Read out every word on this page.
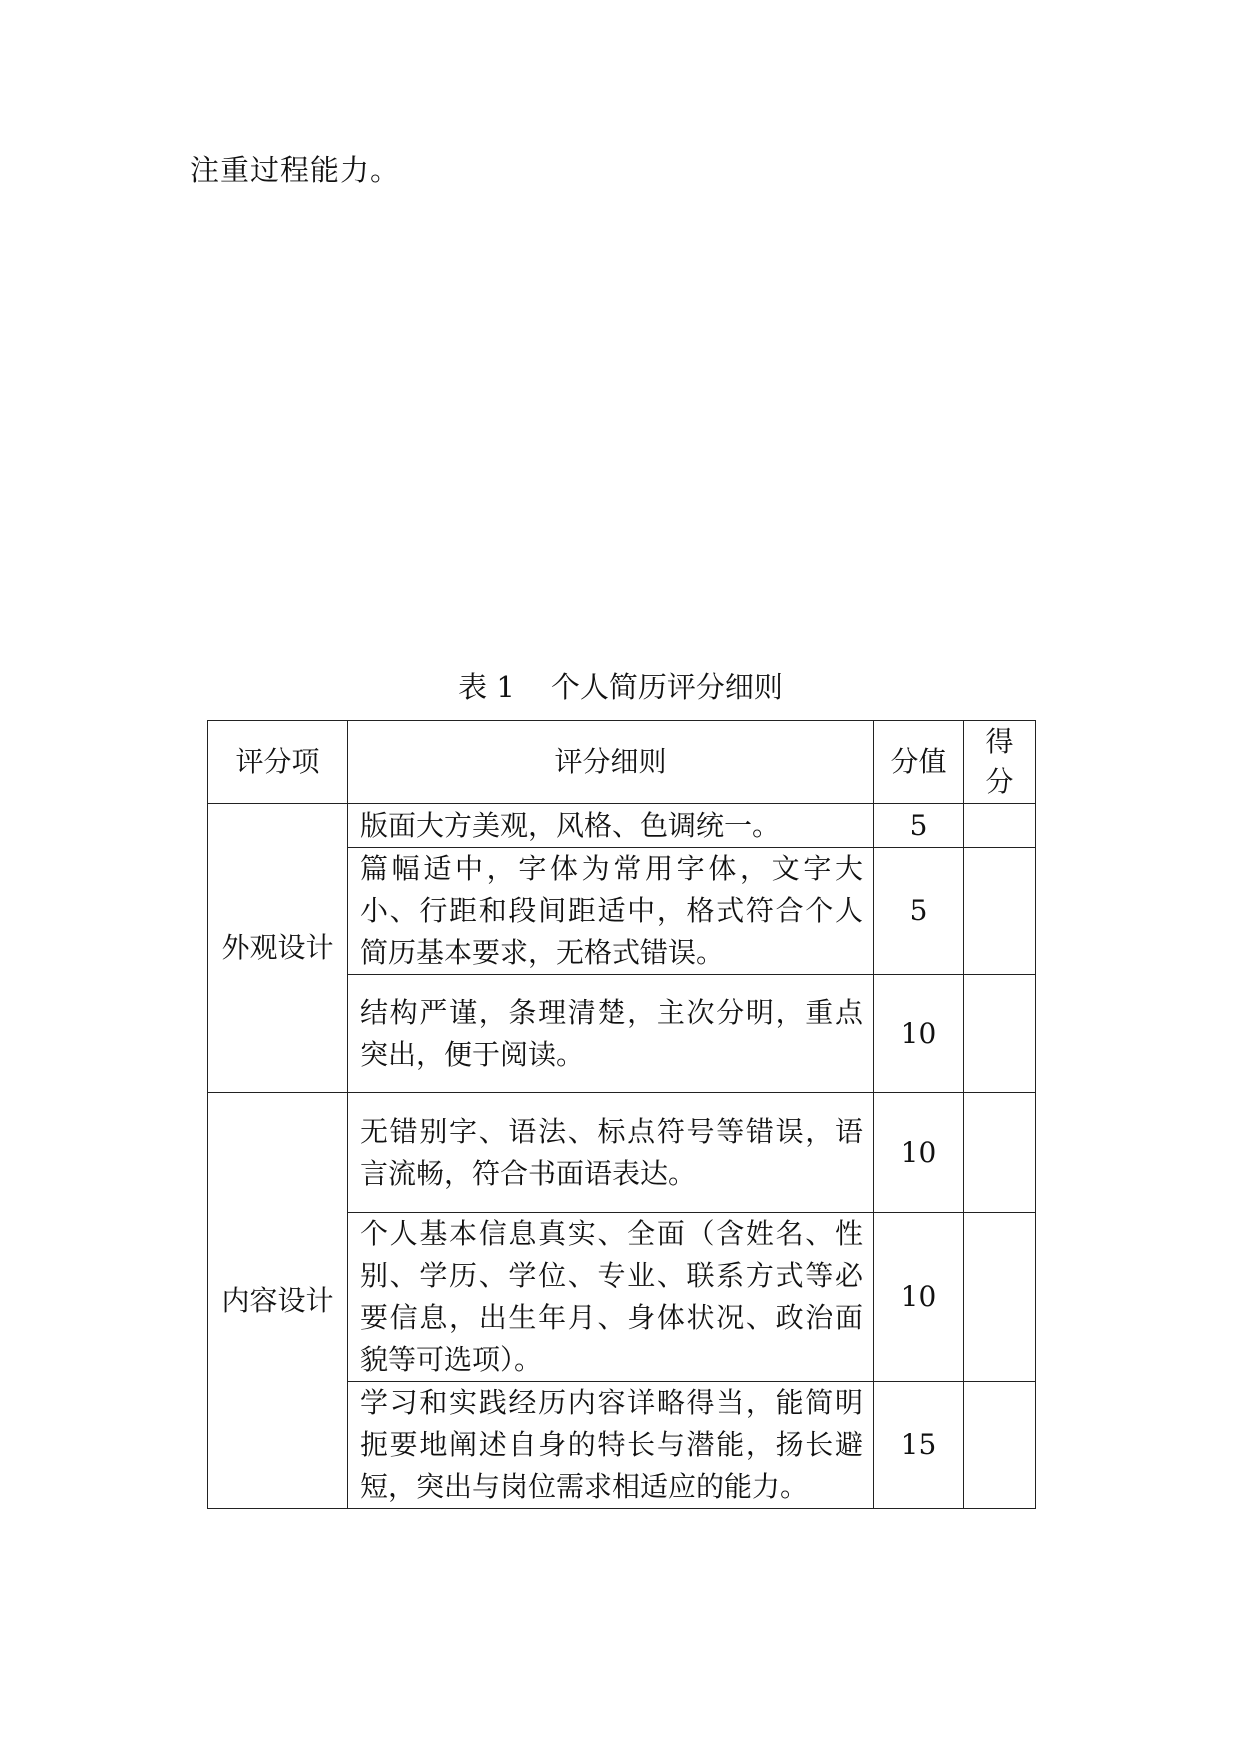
注重过程能力。
表 1 个人简历评分细则
评分项	评分细则	分值	得
分

外观设计	版面大方美观，风格、色调统一。	5	
	篇幅适中，字体为常用字体，文字大小、行距和段间距适中，格式符合个人简历基本要求，无格式错误。	5	
	结构严谨，条理清楚，主次分明，重点突出，便于阅读。	10	
内容设计	无错别字、语法、标点符号等错误，语言流畅，符合书面语表达。	10	
	个人基本信息真实、全面（含姓名、性别、学历、学位、专业、联系方式等必要信息，出生年月、身体状况、政治面貌等可选项）。	10	
	学习和实践经历内容详略得当，能简明扼要地阐述自身的特长与潜能，扬长避短，突出与岗位需求相适应的能力。	15	
